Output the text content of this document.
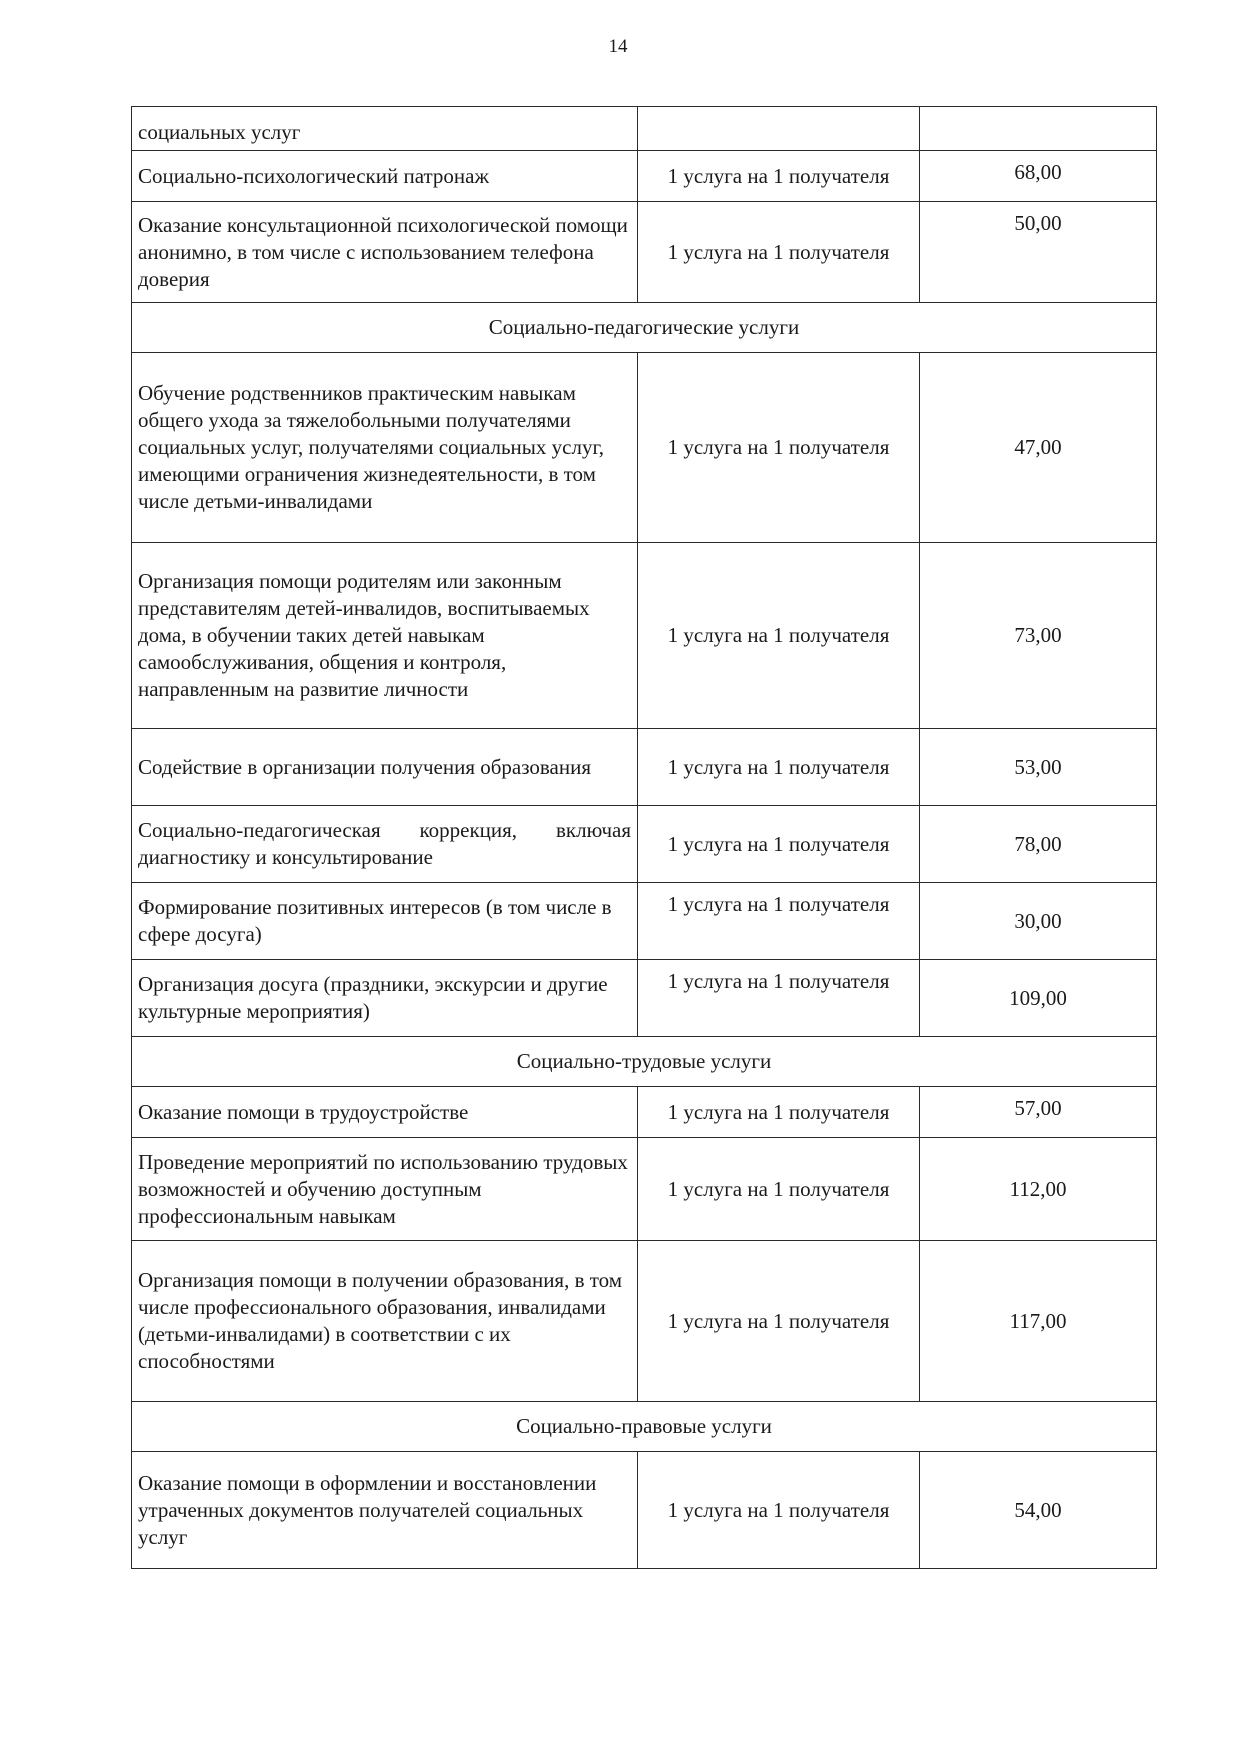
14
социальных услуг		
Социально-психологический патронаж	1 услуга на 1 получателя	68,00
Оказание консультационной психологической помощи анонимно, в том числе с использованием телефона доверия	1 услуга на 1 получателя	50,00
Социально-педагогические услуги		
Обучение родственников практическим навыкам общего ухода за тяжелобольными получателями социальных услуг, получателями социальных услуг, имеющими ограничения жизнедеятельности, в том числе детьми-инвалидами	1 услуга на 1 получателя	47,00
Организация помощи родителям или законным представителям детей-инвалидов, воспитываемых дома, в обучении таких детей навыкам самообслуживания, общения и контроля, направленным на развитие личности	1 услуга на 1 получателя	73,00
Содействие в организации получения образования	1 услуга на 1 получателя	53,00
Социально-педагогическая коррекция, включая диагностику и консультирование	1 услуга на 1 получателя	78,00
Формирование позитивных интересов (в том числе в сфере досуга)	1 услуга на 1 получателя	30,00
Организация досуга (праздники, экскурсии и другие культурные мероприятия)	1 услуга на 1 получателя	109,00
Социально-трудовые услуги		
Оказание помощи в трудоустройстве	1 услуга на 1 получателя	57,00
Проведение мероприятий по использованию трудовых возможностей и обучению доступным профессиональным навыкам	1 услуга на 1 получателя	112,00
Организация помощи в получении образования, в том числе профессионального образования, инвалидами (детьми-инвалидами) в соответствии с их способностями	1 услуга на 1 получателя	117,00
Социально-правовые услуги		
Оказание помощи в оформлении и восстановлении утраченных документов получателей социальных услуг	1 услуга на 1 получателя	54,00
